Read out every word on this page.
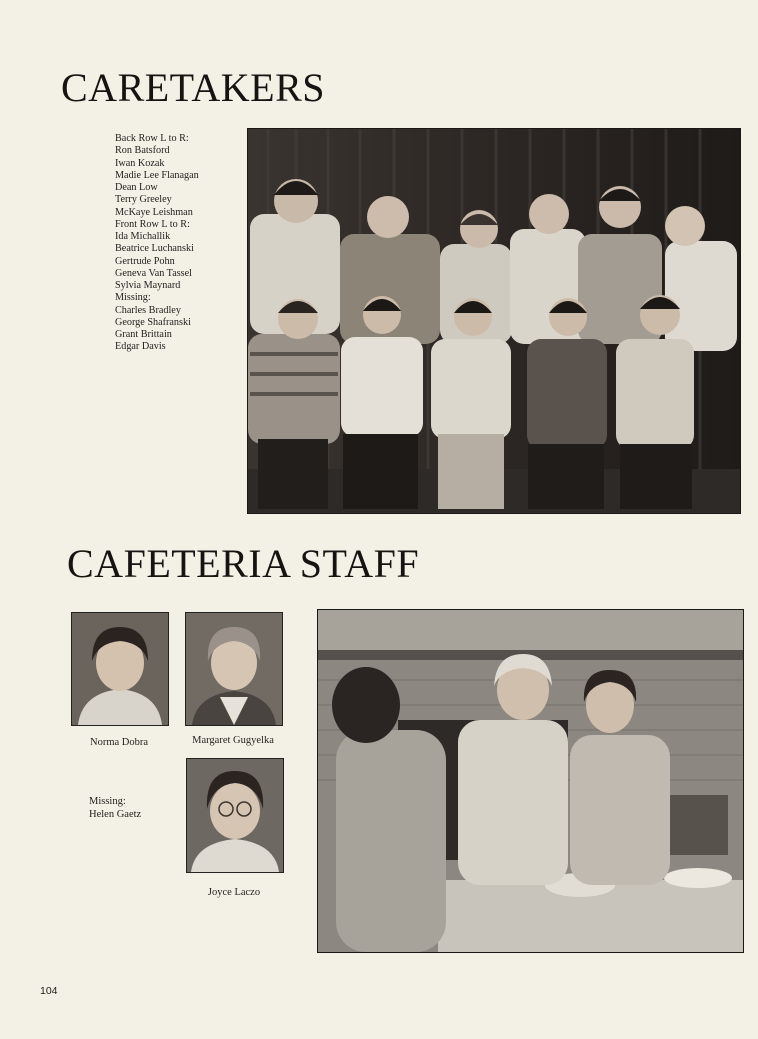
CARETAKERS
Back Row L to R:
Ron Batsford
Iwan Kozak
Madie Lee Flanagan
Dean Low
Terry Greeley
McKaye Leishman
Front Row L to R:
Ida Michallik
Beatrice Luchanski
Gertrude Pohn
Geneva Van Tassel
Sylvia Maynard
Missing:
Charles Bradley
George Shafranski
Grant Brittain
Edgar Davis
CAFETERIA STAFF
Norma Dobra	Margaret Gugyelka
Joyce Laczo
Missing:
Helen Gaetz
104
